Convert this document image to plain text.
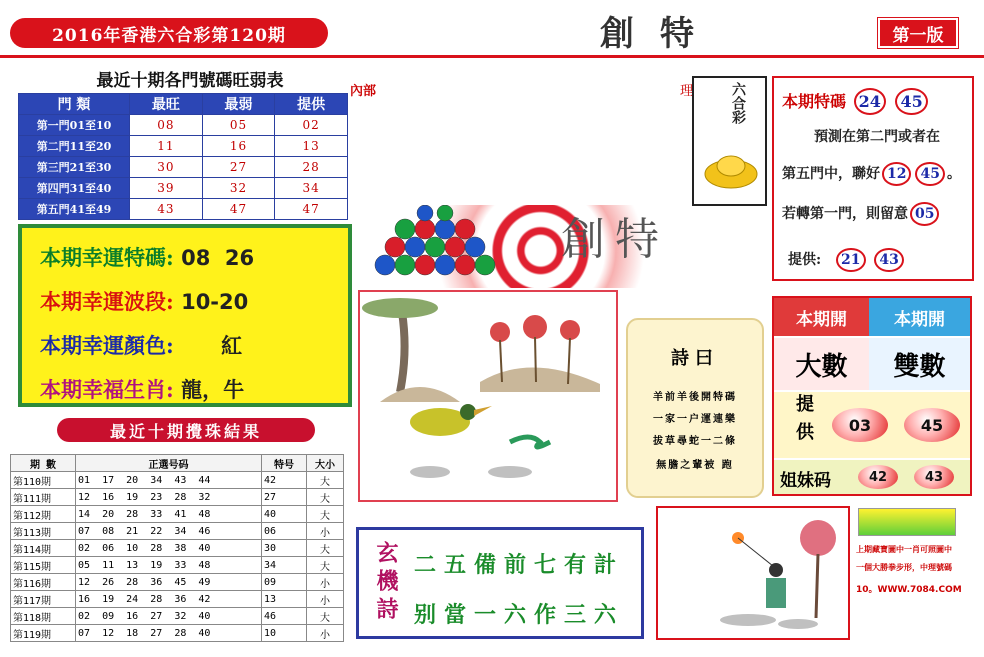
2016年香港六合彩第120期	創特	第一版
最近十期各門號碼旺弱表
門 類	最旺	最弱	提供
第一門01至10	08	05	02
第二門11至20	11	16	13
第三門21至30	30	27	28
第四門31至40	39	32	34
第五門41至49	43	47	47
創特
內部	理	六合彩 本期特碼 24 45
預測在第二門或者在
第五門中，聯好 12 45 。
若轉第一門，則留意 05
提供: 21 43
本期幸運特碼: 08  26
本期幸運波段: 10-20
本期幸運顏色: 紅
本期幸福生肖: 龍，牛
最近十期攪珠結果
期 數	正選号码	特号	大小
第110期	01  17  20  34  43  44	42	大
第111期	12  16  19  23  28  32	27	大
第112期	14  20  28  33  41  48	40	大
第113期	07  08  21  22  34  46	06	小
第114期	02  06  10  28  38  40	30	大
第115期	05  11  13  19  33  48	34	大
第116期	12  26  28  36  45  49	09	小
第117期	16  19  24  28  36  42	13	小
第118期	02  09  16  27  32  40	46	大
第119期	07  12  18  27  28  40	10	小
詩曰
羊前羊後開特碼
一家一户運連樂
拔草尋蛇一二條
無膽之輩被 跑
本期開	本期開
大數	雙數
提供	03	45
姐妹码	42	43
玄機詩 二五備前七有計
别當一六作三六
上期藏寶圖中一肖可照圖中
一個大勝拳步形，中理號碼
10。WWW.7084.COM
